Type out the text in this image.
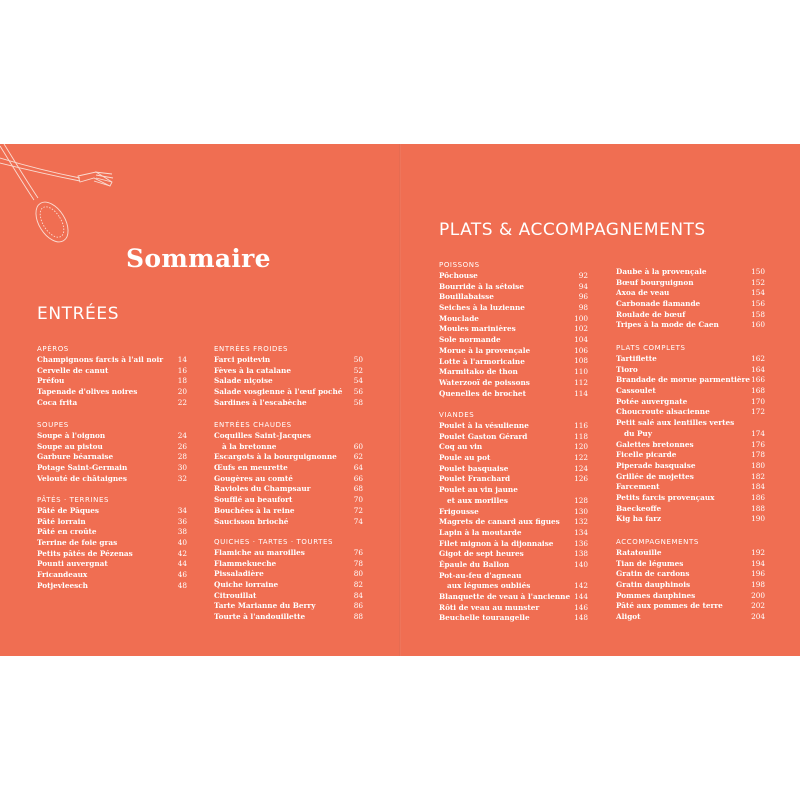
Sommaire
ENTRÉES
PLATS & ACCOMPAGNEMENTS
APÉROS
Champignons farcis à l'ail noir	14
Cervelle de canut	16
Préfou	18
Tapenade d'olives noires	20
Coca frita	22
SOUPES
Soupe à l'oignon	24
Soupe au pistou	26
Garbure béarnaise	28
Potage Saint-Germain	30
Velouté de châtaignes	32
PÂTÉS · TERRINES
Pâté de Pâques	34
Pâté lorrain	36
Pâté en croûte	38
Terrine de foie gras	40
Petits pâtés de Pézenas	42
Pounti auvergnat	44
Fricandeaux	46
Potjevleesch	48
ENTRÉES FROIDES
Farci poitevin	50
Fèves à la catalane	52
Salade niçoise	54
Salade vosgienne à l'œuf poché	56
Sardines à l'escabèche	58
ENTRÉES CHAUDES
Coquilles Saint-Jacques
à la bretonne	60
Escargots à la bourguignonne	62
Œufs en meurette	64
Gougères au comté	66
Ravioles du Champsaur	68
Soufflé au beaufort	70
Bouchées à la reine	72
Saucisson brioché	74
QUICHES · TARTES · TOURTES
Flamiche au maroilles	76
Flammekueche	78
Pissaladière	80
Quiche lorraine	82
Citrouillat	84
Tarte Marianne du Berry	86
Tourte à l'andouillette	88
POISSONS
Pôchouse	92
Bourride à la sétoise	94
Bouillabaisse	96
Seiches à la luzienne	98
Mouclade	100
Moules marinières	102
Sole normande	104
Morue à la provençale	106
Lotte à l'armoricaine	108
Marmitako de thon	110
Waterzooï de poissons	112
Quenelles de brochet	114
VIANDES
Poulet à la vésulienne	116
Poulet Gaston Gérard	118
Coq au vin	120
Poule au pot	122
Poulet basquaise	124
Poulet Franchard	126
Poulet au vin jaune
et aux morilles	128
Frigousse	130
Magrets de canard aux figues	132
Lapin à la moutarde	134
Filet mignon à la dijonnaise	136
Gigot de sept heures	138
Épaule du Ballon	140
Pot-au-feu d'agneau
aux légumes oubliés	142
Blanquette de veau à l'ancienne 144
Rôti de veau au munster	146
Beuchelle tourangelle	148
Daube à la provençale	150
Bœuf bourguignon	152
Axoa de veau	154
Carbonade flamande	156
Roulade de bœuf	158
Tripes à la mode de Caen	160
PLATS COMPLETS
Tartiflette	162
Tioro	164
Brandade de morue parmentière 166
Cassoulet	168
Potée auvergnate	170
Choucroute alsacienne	172
Petit salé aux lentilles vertes
du Puy	174
Galettes bretonnes	176
Ficelle picarde	178
Piperade basquaise	180
Grillée de mojettes	182
Farcement	184
Petits farcis provençaux	186
Baeckeoffe	188
Kig ha farz	190
ACCOMPAGNEMENTS
Ratatouille	192
Tian de légumes	194
Gratin de cardons	196
Gratin dauphinois	198
Pommes dauphines	200
Pâté aux pommes de terre	202
Aligot	204
